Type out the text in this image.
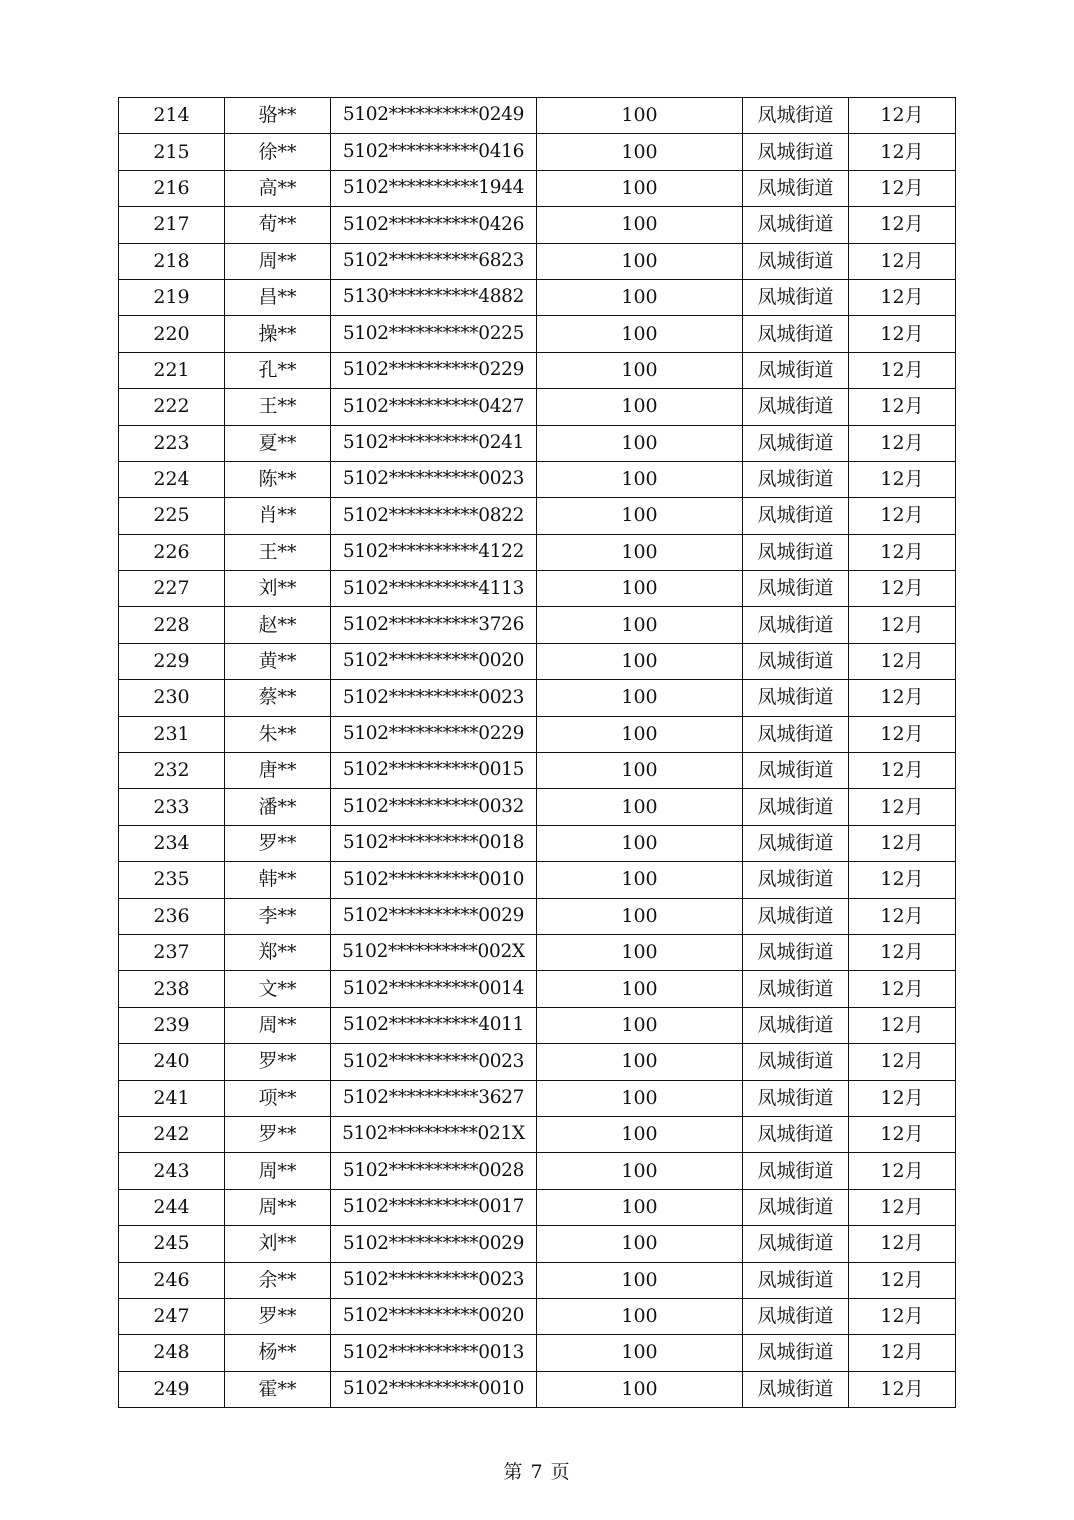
214	骆**	5102**********0249	100	凤城街道	12月
215	徐**	5102**********0416	100	凤城街道	12月
216	高**	5102**********1944	100	凤城街道	12月
217	荀**	5102**********0426	100	凤城街道	12月
218	周**	5102**********6823	100	凤城街道	12月
219	昌**	5130**********4882	100	凤城街道	12月
220	操**	5102**********0225	100	凤城街道	12月
221	孔**	5102**********0229	100	凤城街道	12月
222	王**	5102**********0427	100	凤城街道	12月
223	夏**	5102**********0241	100	凤城街道	12月
224	陈**	5102**********0023	100	凤城街道	12月
225	肖**	5102**********0822	100	凤城街道	12月
226	王**	5102**********4122	100	凤城街道	12月
227	刘**	5102**********4113	100	凤城街道	12月
228	赵**	5102**********3726	100	凤城街道	12月
229	黄**	5102**********0020	100	凤城街道	12月
230	蔡**	5102**********0023	100	凤城街道	12月
231	朱**	5102**********0229	100	凤城街道	12月
232	唐**	5102**********0015	100	凤城街道	12月
233	潘**	5102**********0032	100	凤城街道	12月
234	罗**	5102**********0018	100	凤城街道	12月
235	韩**	5102**********0010	100	凤城街道	12月
236	李**	5102**********0029	100	凤城街道	12月
237	郑**	5102**********002X	100	凤城街道	12月
238	文**	5102**********0014	100	凤城街道	12月
239	周**	5102**********4011	100	凤城街道	12月
240	罗**	5102**********0023	100	凤城街道	12月
241	项**	5102**********3627	100	凤城街道	12月
242	罗**	5102**********021X	100	凤城街道	12月
243	周**	5102**********0028	100	凤城街道	12月
244	周**	5102**********0017	100	凤城街道	12月
245	刘**	5102**********0029	100	凤城街道	12月
246	余**	5102**********0023	100	凤城街道	12月
247	罗**	5102**********0020	100	凤城街道	12月
248	杨**	5102**********0013	100	凤城街道	12月
249	霍**	5102**********0010	100	凤城街道	12月
第 7 页
